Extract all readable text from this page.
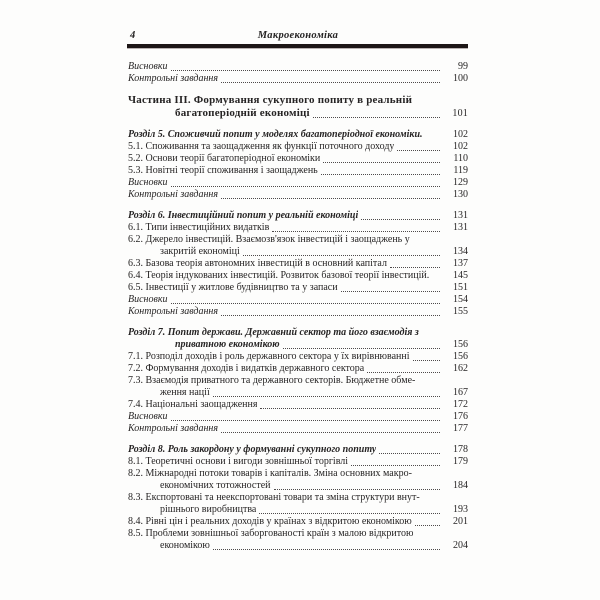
4	Макроекономіка
Висновки	99
Контрольні завдання	100
Частина ІІІ. Формування сукупного попиту в реальній
багатоперіодній економіці	101
Розділ 5. Споживчий попит у моделях багатоперіодної економіки.	102
5.1. Споживання та заощадження як функції поточного доходу	102
5.2. Основи теорії багатоперіодної економіки	110
5.3. Новітні теорії споживання і заощаджень	119
Висновки	129
Контрольні завдання	130
Розділ 6. Інвестиційний попит у реальній економіці	131
6.1. Типи інвестиційних видатків	131
6.2. Джерело інвестицій. Взаємозв'язок інвестицій і заощаджень у
закритій економіці	134
6.3. Базова теорія автономних інвестицій в основний капітал	137
6.4. Теорія індукованих інвестицій. Розвиток базової теорії інвестицій.	145
6.5. Інвестиції у житлове будівництво та у запаси	151
Висновки	154
Контрольні завдання	155
Розділ 7. Попит держави. Державний сектор та його взаємодія з
приватною економікою	156
7.1. Розподіл доходів і роль державного сектора у їх вирівнюванні	156
7.2. Формування доходів і видатків державного сектора	162
7.3. Взаємодія приватного та державного секторів. Бюджетне обме-
ження нації	167
7.4. Національні заощадження	172
Висновки	176
Контрольні завдання	177
Розділ 8. Роль закордону у формуванні сукупного попиту	178
8.1. Теоретичні основи і вигоди зовнішньої торгівлі	179
8.2. Міжнародні потоки товарів і капіталів. Зміна основних макро-
економічних тотожностей	184
8.3. Експортовані та неекспортовані товари та зміна структури внут-
рішнього виробництва	193
8.4. Рівні цін і реальних доходів у країнах з відкритою економікою	201
8.5. Проблеми зовнішньої заборгованості країн з малою відкритою
економікою	204
